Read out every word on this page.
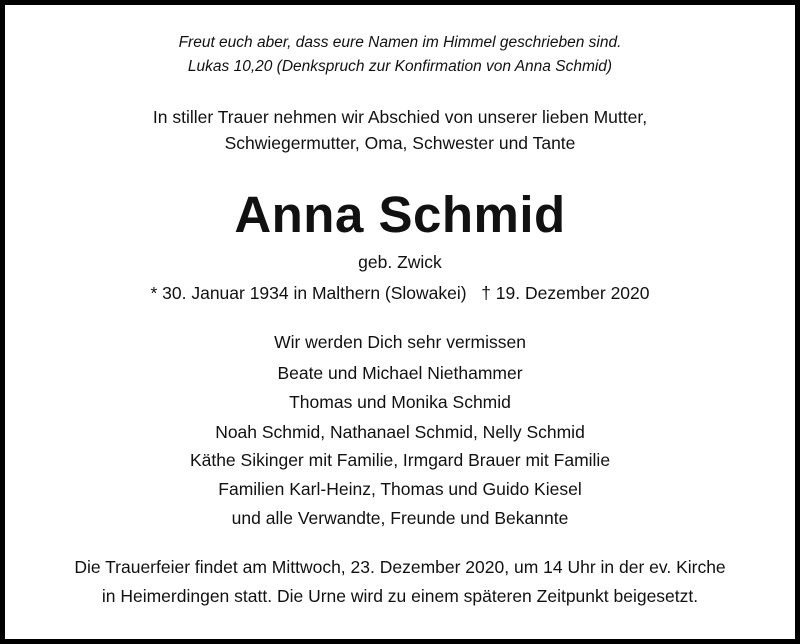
Freut euch aber, dass eure Namen im Himmel geschrieben sind.
Lukas 10,20 (Denkspruch zur Konfirmation von Anna Schmid)
In stiller Trauer nehmen wir Abschied von unserer lieben Mutter,
Schwiegermutter, Oma, Schwester und Tante
Anna Schmid
geb. Zwick
* 30. Januar 1934 in Malthern (Slowakei)   † 19. Dezember 2020
Wir werden Dich sehr vermissen
Beate und Michael Niethammer
Thomas und Monika Schmid
Noah Schmid, Nathanael Schmid, Nelly Schmid
Käthe Sikinger mit Familie, Irmgard Brauer mit Familie
Familien Karl-Heinz, Thomas und Guido Kiesel
und alle Verwandte, Freunde und Bekannte
Die Trauerfeier findet am Mittwoch, 23. Dezember 2020, um 14 Uhr in der ev. Kirche
in Heimerdingen statt. Die Urne wird zu einem späteren Zeitpunkt beigesetzt.
